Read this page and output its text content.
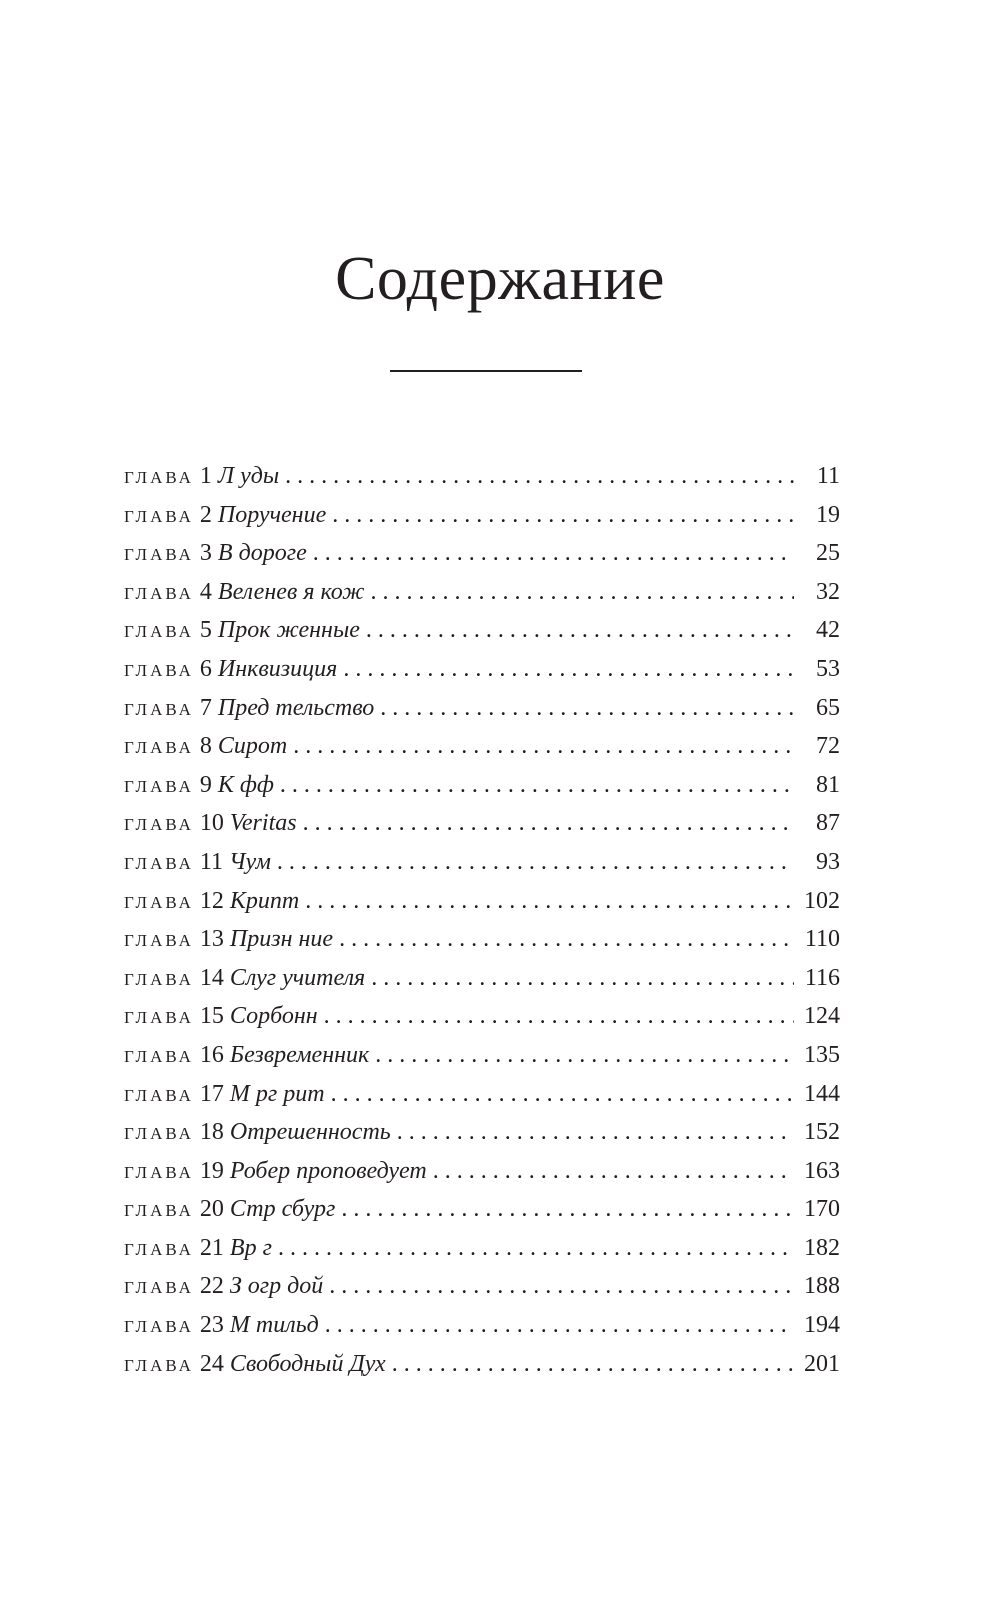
Содержание
глава 1 Л уды . . .	11
глава 2 Поручение . . .	19
глава 3 В дороге . . .	25
глава 4 Веленев я кож . . .	32
глава 5 Прок женные . . .	42
глава 6 Инквизиция . . .	53
глава 7 Пред тельство . . .	65
глава 8 Сирот . . .	72
глава 9 К фф . . .	81
глава 10 Veritas . . .	87
глава 11 Чум . . .	93
глава 12 Крипт . . .	102
глава 13 Призн ние . . .	110
глава 14 Слуг учителя . . .	116
глава 15 Сорбонн . . .	124
глава 16 Безвременник . . .	135
глава 17 М рг рит . . .	144
глава 18 Отрешенность . . .	152
глава 19 Робер проповедует . . .	163
глава 20 Стр сбург . . .	170
глава 21 Вр г . . .	182
глава 22 З огр дой . . .	188
глава 23 М тильд . . .	194
глава 24 Свободный Дух . . .	201
